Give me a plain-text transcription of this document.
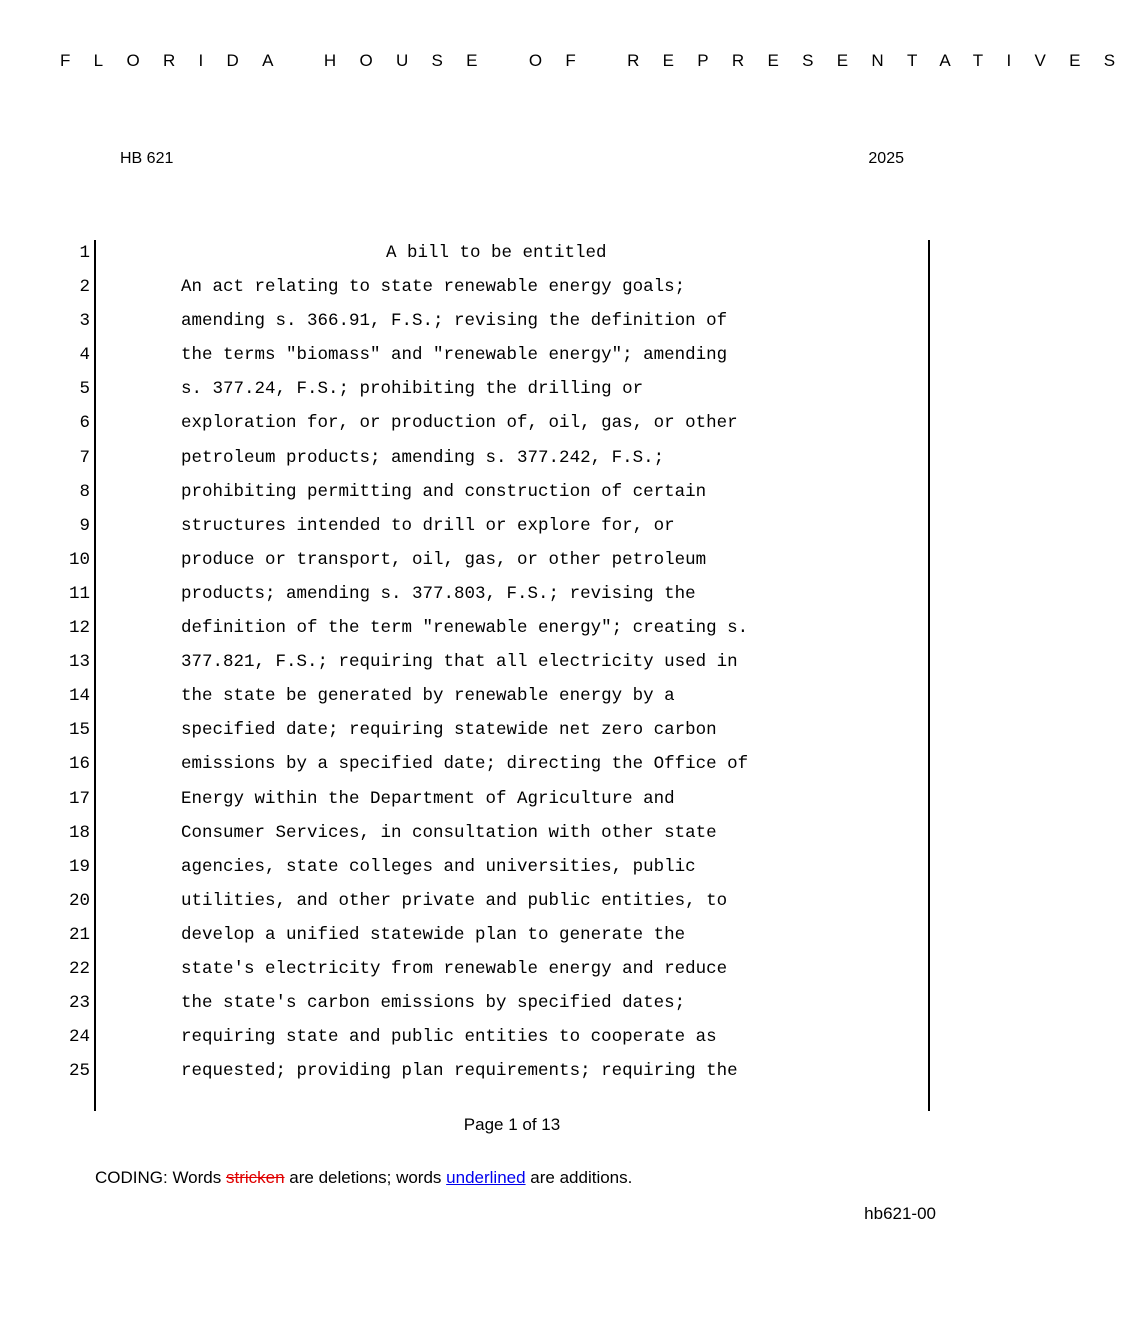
FLORIDA HOUSE OF REPRESENTATIVES
HB 621	2025
1	A bill to be entitled
2	An act relating to state renewable energy goals;
3	amending s. 366.91, F.S.; revising the definition of
4	the terms "biomass" and "renewable energy"; amending
5	s. 377.24, F.S.; prohibiting the drilling or
6	exploration for, or production of, oil, gas, or other
7	petroleum products; amending s. 377.242, F.S.;
8	prohibiting permitting and construction of certain
9	structures intended to drill or explore for, or
10	produce or transport, oil, gas, or other petroleum
11	products; amending s. 377.803, F.S.; revising the
12	definition of the term "renewable energy"; creating s.
13	377.821, F.S.; requiring that all electricity used in
14	the state be generated by renewable energy by a
15	specified date; requiring statewide net zero carbon
16	emissions by a specified date; directing the Office of
17	Energy within the Department of Agriculture and
18	Consumer Services, in consultation with other state
19	agencies, state colleges and universities, public
20	utilities, and other private and public entities, to
21	develop a unified statewide plan to generate the
22	state's electricity from renewable energy and reduce
23	the state's carbon emissions by specified dates;
24	requiring state and public entities to cooperate as
25	requested; providing plan requirements; requiring the
Page 1 of 13
CODING: Words stricken are deletions; words underlined are additions.
hb621-00
